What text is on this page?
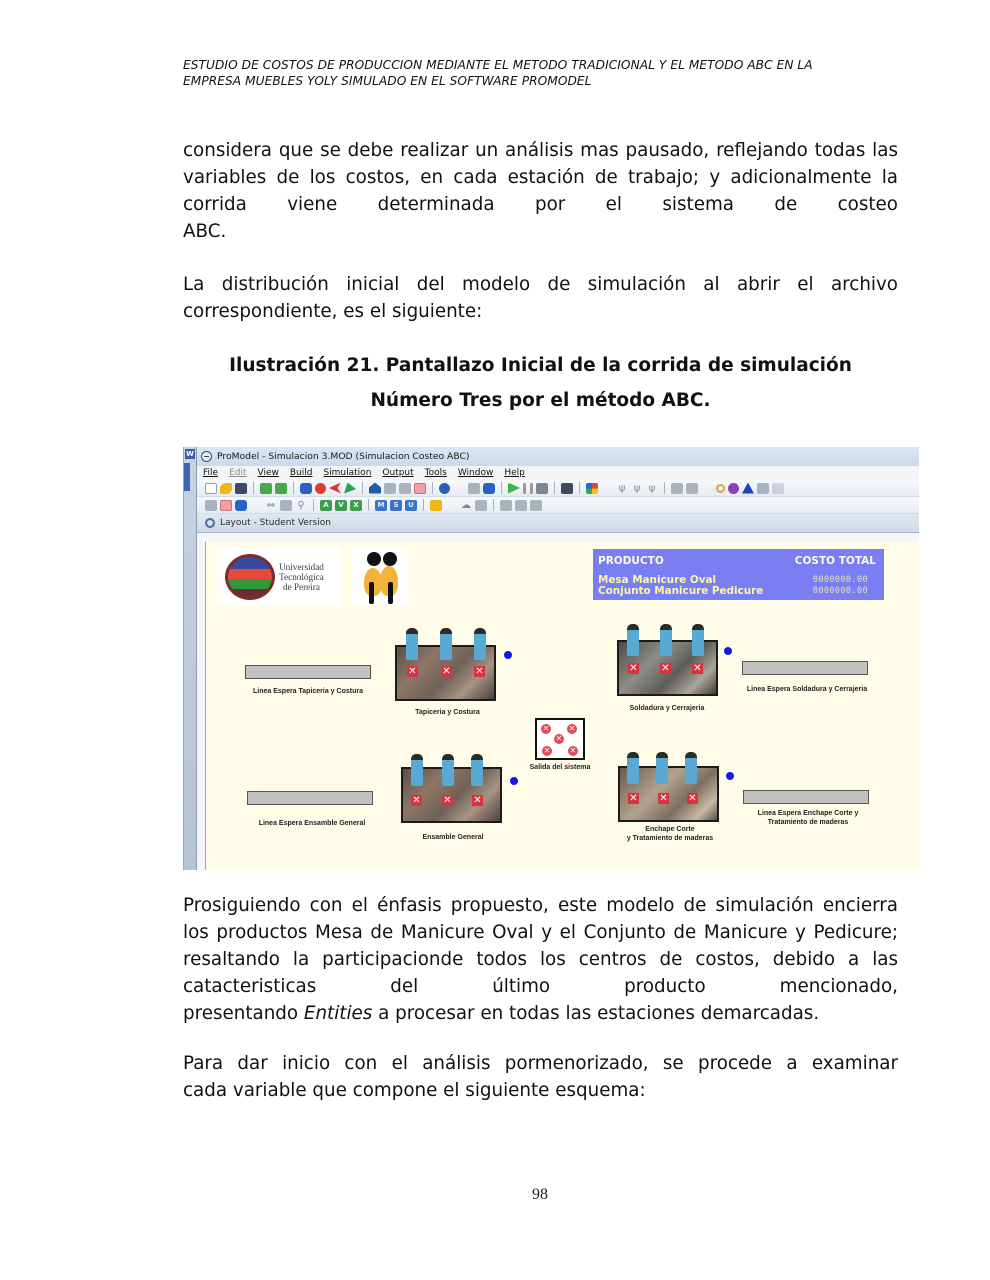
ESTUDIO DE COSTOS DE PRODUCCION MEDIANTE EL METODO TRADICIONAL Y EL METODO ABC EN LA
EMPRESA MUEBLES YOLY SIMULADO EN EL SOFTWARE PROMODEL
considera que se debe realizar un análisis mas pausado, reflejando todas las variables de los costos, en cada estación de trabajo; y adicionalmente la corrida viene determinada por el sistema de costeo
ABC.
La distribución inicial del modelo de simulación al abrir el archivo
correspondiente, es el siguiente:
Ilustración 21. Pantallazo Inicial de la corrida de simulación
Número Tres por el método ABC.
W	ProModel - Simulacion 3.MOD (Simulacion Costeo ABC)
File Edit View Build Simulation Output Tools Window Help
ψ ψ ψ
⇔ ⚲	A	V	X	M	S	U	☁
Layout - Student Version
Universidad
Tecnológica
de Pereira
PRODUCTO	COSTO TOTAL
Mesa Manicure Oval	0000000.00
Conjunto Manicure Pedicure	0000000.00
Linea Espera Tapiceria y Costura
✕	✕ ✕
Tapiceria y Costura
✕ ✕ ✕
Soldadura y Cerrajeria
Linea Espera Soldadura y Cerrajeria
✕ ✕
✕
✕ ✕
Salida del sistema
Linea Espera Ensamble General
✕ ✕ ✕
Ensamble General
✕ ✕ ✕
Enchape Corte
y Tratamiento de maderas
Linea Espera Enchape Corte y
Tratamiento de maderas
Prosiguiendo con el énfasis propuesto, este modelo de simulación encierra los productos Mesa de Manicure Oval y el Conjunto de Manicure y Pedicure; resaltando la participacionde todos los centros de costos, debido a las catacteristicas del último producto mencionado,
presentando Entities a procesar en todas las estaciones demarcadas.
Para dar inicio con el análisis pormenorizado, se procede a examinar
cada variable que compone el siguiente esquema:
98
